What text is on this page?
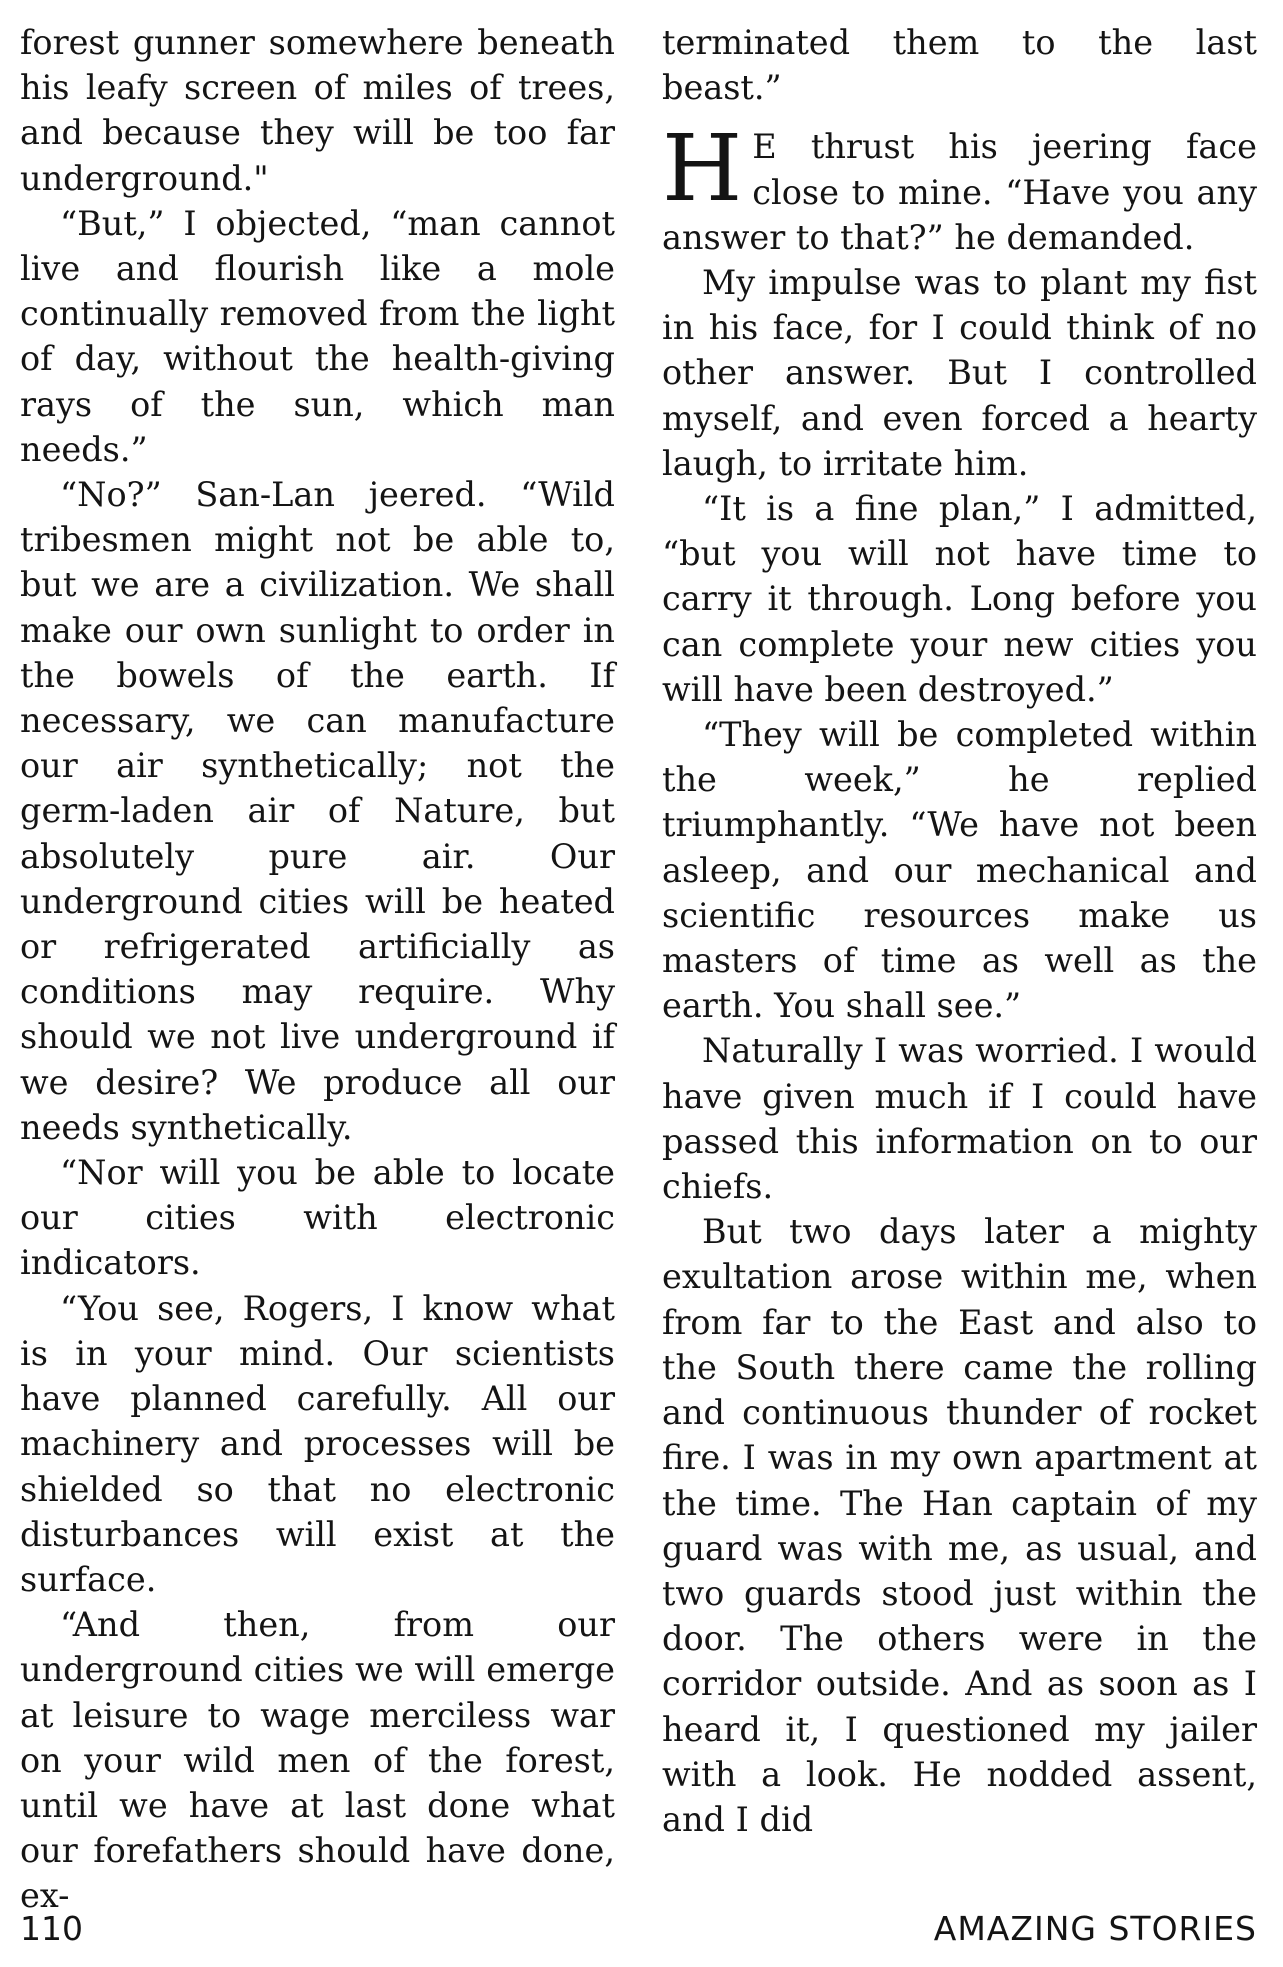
forest gunner somewhere beneath his leafy screen of miles of trees, and because they will be too far underground."

“But,” I objected, “man cannot live and flourish like a mole continually removed from the light of day, without the health-giving rays of the sun, which man needs.”

“No?” San-Lan jeered. “Wild tribesmen might not be able to, but we are a civilization. We shall make our own sunlight to order in the bowels of the earth. If necessary, we can manufacture our air synthetically; not the germ-laden air of Nature, but absolutely pure air. Our underground cities will be heated or refrigerated artificially as conditions may require. Why should we not live underground if we desire? We produce all our needs synthetically.

“Nor will you be able to locate our cities with electronic indicators.

“You see, Rogers, I know what is in your mind. Our scientists have planned carefully. All our machinery and processes will be shielded so that no electronic disturbances will exist at the surface.

“And then, from our underground cities we will emerge at leisure to wage merciless war on your wild men of the forest, until we have at last done what our forefathers should have done, ex-

terminated them to the last beast.”

H E thrust his jeering face close to mine. “Have you any answer to that?” he demanded.

My impulse was to plant my fist in his face, for I could think of no other answer. But I controlled myself, and even forced a hearty laugh, to irritate him.

“It is a fine plan,” I admitted, “but you will not have time to carry it through. Long before you can complete your new cities you will have been destroyed.”

“They will be completed within the week,” he replied triumphantly. “We have not been asleep, and our mechanical and scientific resources make us masters of time as well as the earth. You shall see.”

Naturally I was worried. I would have given much if I could have passed this information on to our chiefs.

But two days later a mighty exultation arose within me, when from far to the East and also to the South there came the rolling and continuous thunder of rocket fire. I was in my own apartment at the time. The Han captain of my guard was with me, as usual, and two guards stood just within the door. The others were in the corridor outside. And as soon as I heard it, I questioned my jailer with a look. He nodded assent, and I did

110	AMAZING STORIES
